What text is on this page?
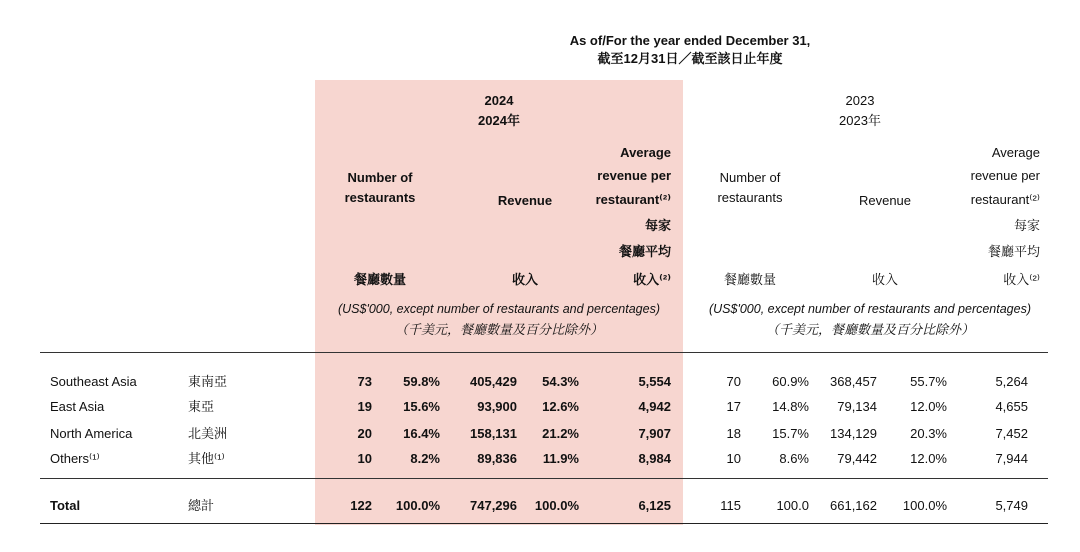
As of/For the year ended December 31,
截至12月31日／截至該日止年度
2024
2024年
Number of
restaurants
餐廳數量
Revenue
收入
Average
revenue per
restaurant⁽²⁾
每家
餐廳平均
收入⁽²⁾
(US$'000, except number of restaurants and percentages)
（千美元，餐廳數量及百分比除外）
2023
2023年
Number of
restaurants
餐廳數量
Revenue
收入
Average
revenue per
restaurant⁽²⁾
每家
餐廳平均
收入⁽²⁾
(US$'000, except number of restaurants and percentages)
（千美元，餐廳數量及百分比除外）
Southeast Asia	東南亞	73	59.8%	405,429	54.3%	5,554	70	60.9%	368,457	55.7%	5,264
East Asia	東亞	19	15.6%	93,900	12.6%	4,942	17	14.8%	79,134	12.0%	4,655
North America	北美洲	20	16.4%	158,131	21.2%	7,907	18	15.7%	134,129	20.3%	7,452
Others⁽¹⁾	其他⁽¹⁾	10	8.2%	89,836	11.9%	8,984	10	8.6%	79,442	12.0%	7,944
Total	總計	122	100.0%	747,296	100.0%	6,125	115	100.0	661,162	100.0%	5,749
